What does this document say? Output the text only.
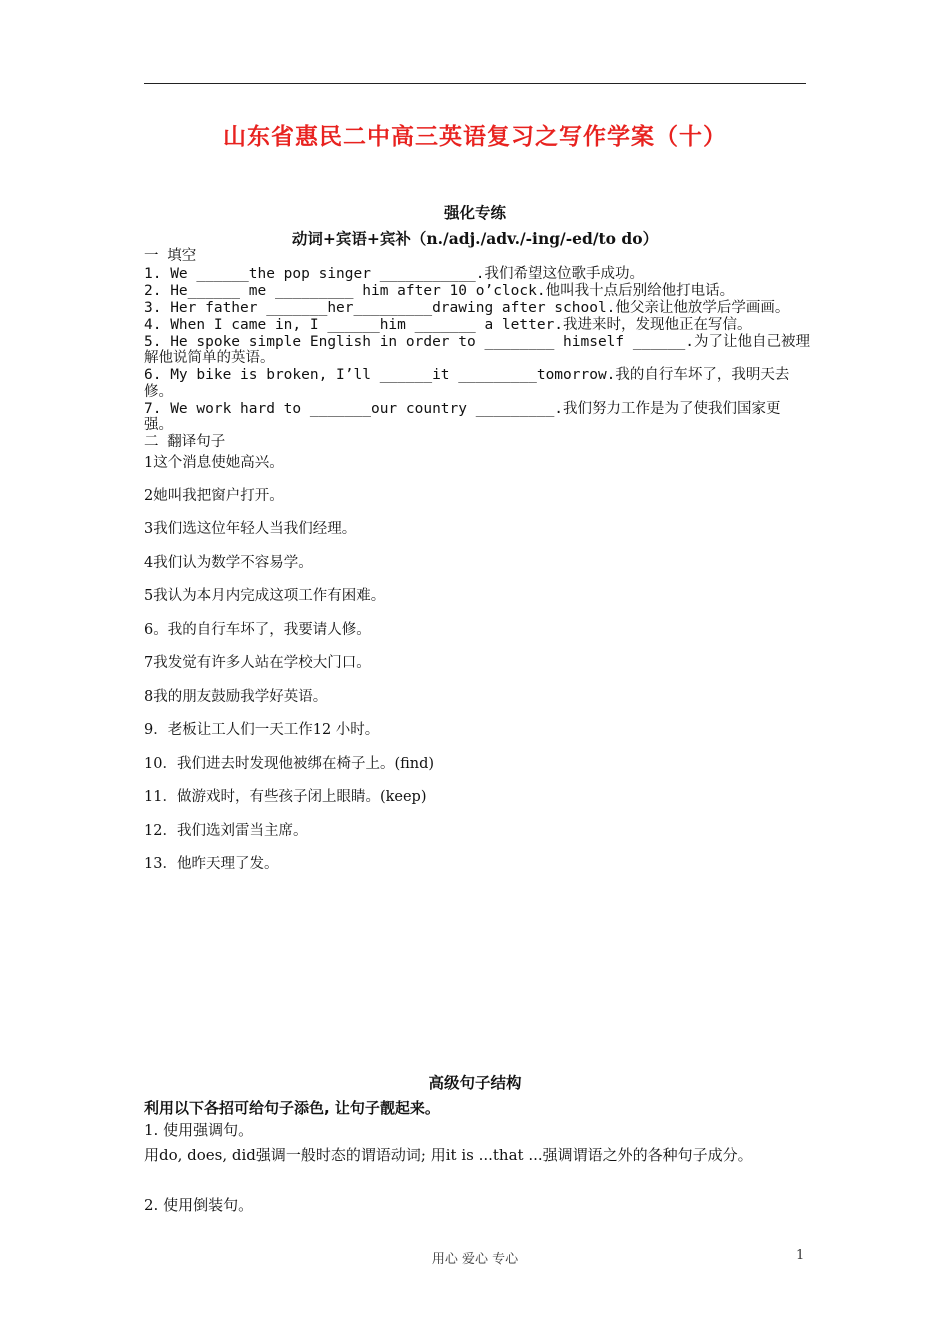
山东省惠民二中高三英语复习之写作学案（十）
强化专练
动词+宾语+宾补（n./adj./adv./-ing/-ed/to do）
一 填空
1. We ______the pop singer ___________.我们希望这位歌手成功。
2. He______ me _________ him after 10 o’clock.他叫我十点后别给他打电话。
3. Her father _______her_________drawing after school.他父亲让他放学后学画画。
4. When I came in, I ______him _______ a letter.我进来时，发现他正在写信。
5. He spoke simple English in order to ________ himself ______.为了让他自己被理
解他说简单的英语。
6. My bike is broken, I’ll ______it _________tomorrow.我的自行车坏了，我明天去
修。
7. We work hard to _______our country _________.我们努力工作是为了使我们国家更
强。
二 翻译句子
1这个消息使她高兴。
2她叫我把窗户打开。
3我们选这位年轻人当我们经理。
4我们认为数学不容易学。
5我认为本月内完成这项工作有困难。
6。我的自行车坏了，我要请人修。
7我发觉有许多人站在学校大门口。
8我的朋友鼓励我学好英语。
9．老板让工人们一天工作12 小时。
10．我们进去时发现他被绑在椅子上。(find)
11．做游戏时，有些孩子闭上眼睛。(keep)
12．我们选刘雷当主席。
13．他昨天理了发。
高级句子结构
利用以下各招可给句子添色, 让句子靓起来。
1. 使用强调句。
用do, does, did强调一般时态的谓语动词; 用it is ...that ...强调谓语之外的各种句子成分。
2. 使用倒装句。
用心 爱心 专心	1
